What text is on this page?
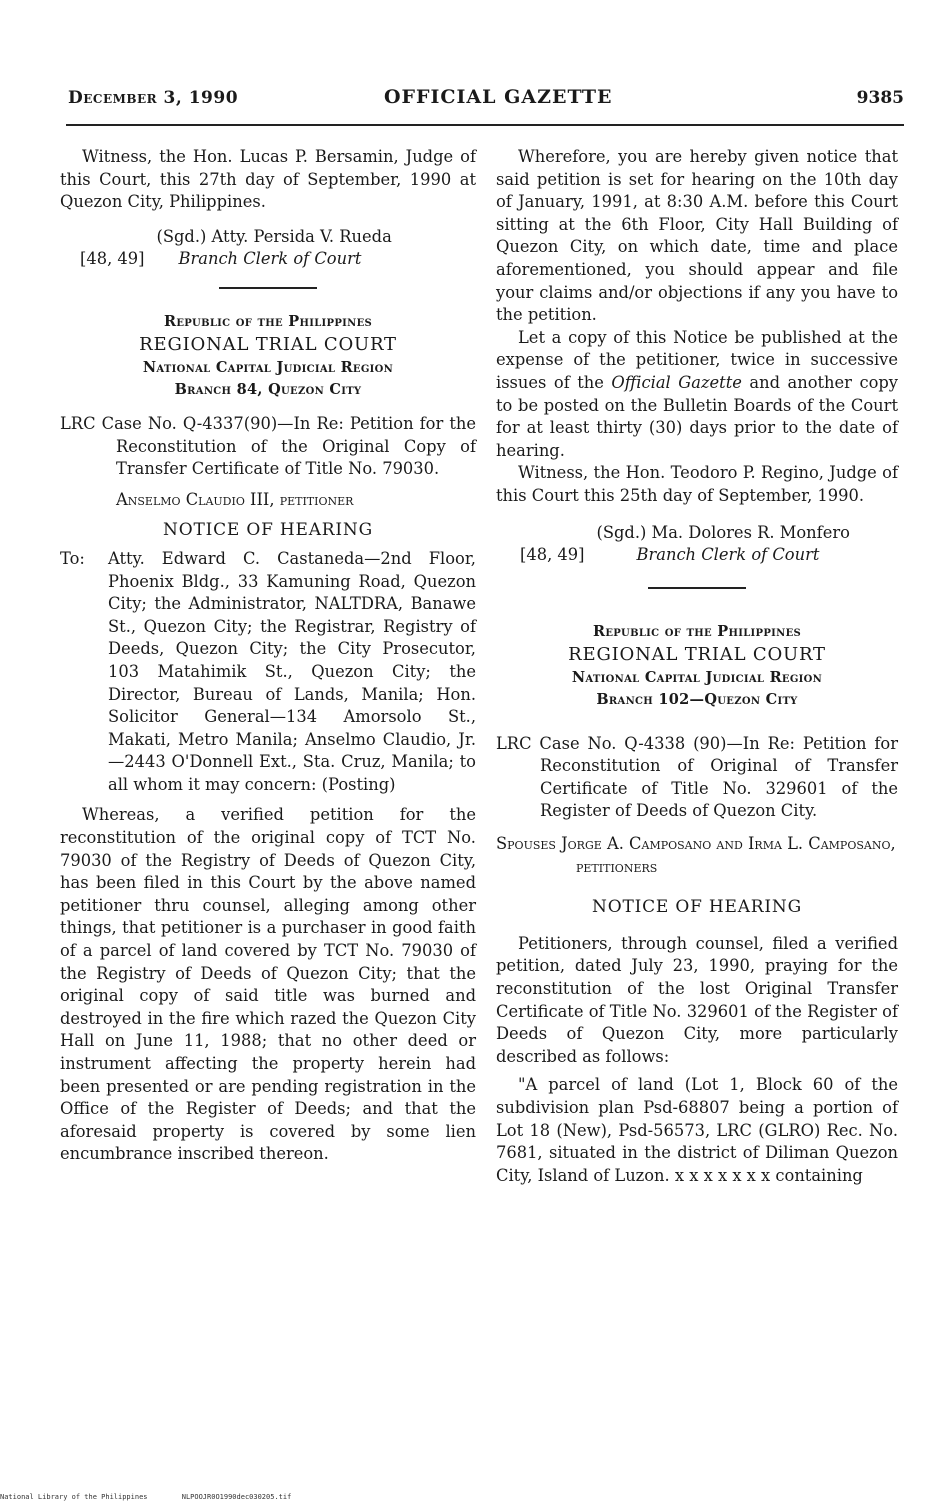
December 3, 1990	OFFICIAL GAZETTE	9385

Witness, the Hon. Lucas P. Bersamin, Judge of this Court, this 27th day of September, 1990 at Quezon City, Philippines.

(Sgd.) Atty. Persida V. Rueda
[48, 49]	Branch Clerk of Court
Republic of the Philippines
REGIONAL TRIAL COURT
National Capital Judicial Region
Branch 84, Quezon City

LRC Case No. Q-4337(90)—In Re: Petition for the Reconstitution of the Original Copy of Transfer Certificate of Title No. 79030.

Anselmo Claudio III, petitioner

NOTICE OF HEARING
To:	Atty. Edward C. Castaneda—2nd Floor, Phoenix Bldg., 33 Kamuning Road, Quezon City; the Administrator, NALTDRA, Banawe St., Quezon City; the Registrar, Registry of Deeds, Quezon City; the City Prosecutor, 103 Matahimik St., Quezon City; the Director, Bureau of Lands, Manila; Hon. Solicitor General—134 Amorsolo St., Makati, Metro Manila; Anselmo Claudio, Jr. —2443 O'Donnell Ext., Sta. Cruz, Manila; to all whom it may concern: (Posting)

Whereas, a verified petition for the reconstitution of the original copy of TCT No. 79030 of the Registry of Deeds of Quezon City, has been filed in this Court by the above named petitioner thru counsel, alleging among other things, that petitioner is a purchaser in good faith of a parcel of land covered by TCT No. 79030 of the Registry of Deeds of Quezon City; that the original copy of said title was burned and destroyed in the fire which razed the Quezon City Hall on June 11, 1988; that no other deed or instrument affecting the property herein had been presented or are pending registration in the Office of the Register of Deeds; and that the aforesaid property is covered by some lien encumbrance inscribed thereon.

Wherefore, you are hereby given notice that said petition is set for hearing on the 10th day of January, 1991, at 8:30 A.M. before this Court sitting at the 6th Floor, City Hall Building of Quezon City, on which date, time and place aforementioned, you should appear and file your claims and/or objections if any you have to the petition.

Let a copy of this Notice be published at the expense of the petitioner, twice in successive issues of the Official Gazette and another copy to be posted on the Bulletin Boards of the Court for at least thirty (30) days prior to the date of hearing.

Witness, the Hon. Teodoro P. Regino, Judge of this Court this 25th day of September, 1990.

(Sgd.) Ma. Dolores R. Monfero
[48, 49]	Branch Clerk of Court
Republic of the Philippines
REGIONAL TRIAL COURT
National Capital Judicial Region
Branch 102—Quezon City

LRC Case No. Q-4338 (90)—In Re: Petition for Reconstitution of Original of Transfer Certificate of Title No. 329601 of the Register of Deeds of Quezon City.

Spouses Jorge A. Camposano and Irma L. Camposano, petitioners

NOTICE OF HEARING

Petitioners, through counsel, filed a verified petition, dated July 23, 1990, praying for the reconstitution of the lost Original Transfer Certificate of Title No. 329601 of the Register of Deeds of Quezon City, more particularly described as follows:

"A parcel of land (Lot 1, Block 60 of the subdivision plan Psd-68807 being a portion of Lot 18 (New), Psd-56573, LRC (GLRO) Rec. No. 7681, situated in the district of Diliman Quezon City, Island of Luzon. x x x x x x x containing

National Library of the Philippines	NLPOOJR0O1990dec030205.tif
